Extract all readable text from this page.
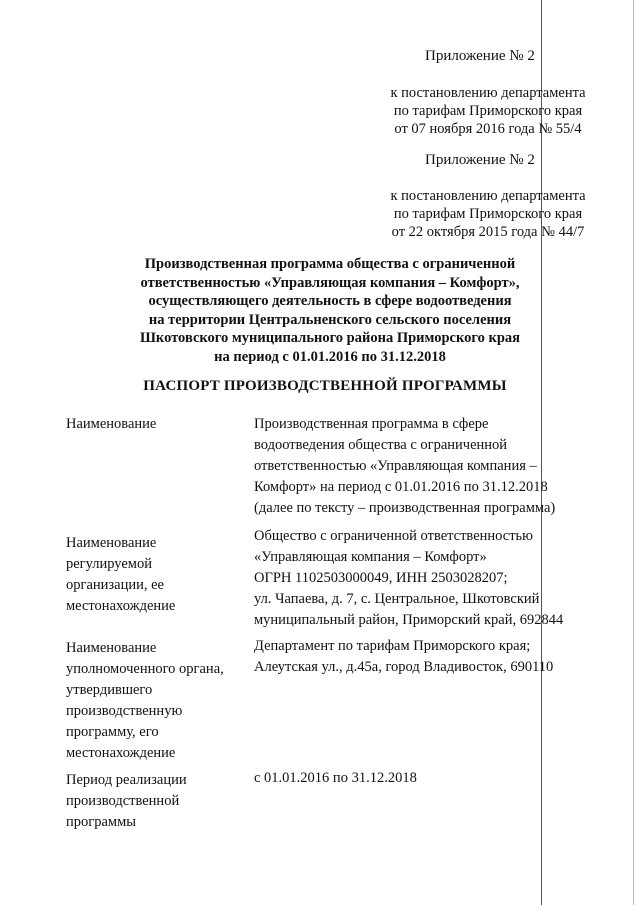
Приложение № 2
к постановлению департамента
по тарифам Приморского края
от 07 ноября 2016 года № 55/4
Приложение № 2
к постановлению департамента
по тарифам Приморского края
от 22 октября 2015 года № 44/7
Производственная программа общества с ограниченной
ответственностью «Управляющая компания – Комфорт»,
осуществляющего деятельность в сфере водоотведения
на территории Центральненского сельского поселения
Шкотовского муниципального района Приморского края
на период с 01.01.2016 по 31.12.2018
ПАСПОРТ ПРОИЗВОДСТВЕННОЙ ПРОГРАММЫ
Наименование	Производственная программа в сфере
водоотведения общества с ограниченной
ответственностью «Управляющая компания –
Комфорт» на период с 01.01.2016 по 31.12.2018
(далее по тексту – производственная программа)
Наименование
регулируемой
организации, ее
местонахождение
Общество с ограниченной ответственностью
«Управляющая компания – Комфорт»
ОГРН 1102503000049, ИНН 2503028207;
ул. Чапаева, д. 7, с. Центральное, Шкотовский
муниципальный район, Приморский край, 692844
Наименование
уполномоченного органа,
утвердившего
производственную
программу, его
местонахождение
Департамент по тарифам Приморского края;
Алеутская ул., д.45а, город Владивосток, 690110
Период реализации
производственной
программы
с 01.01.2016 по 31.12.2018
